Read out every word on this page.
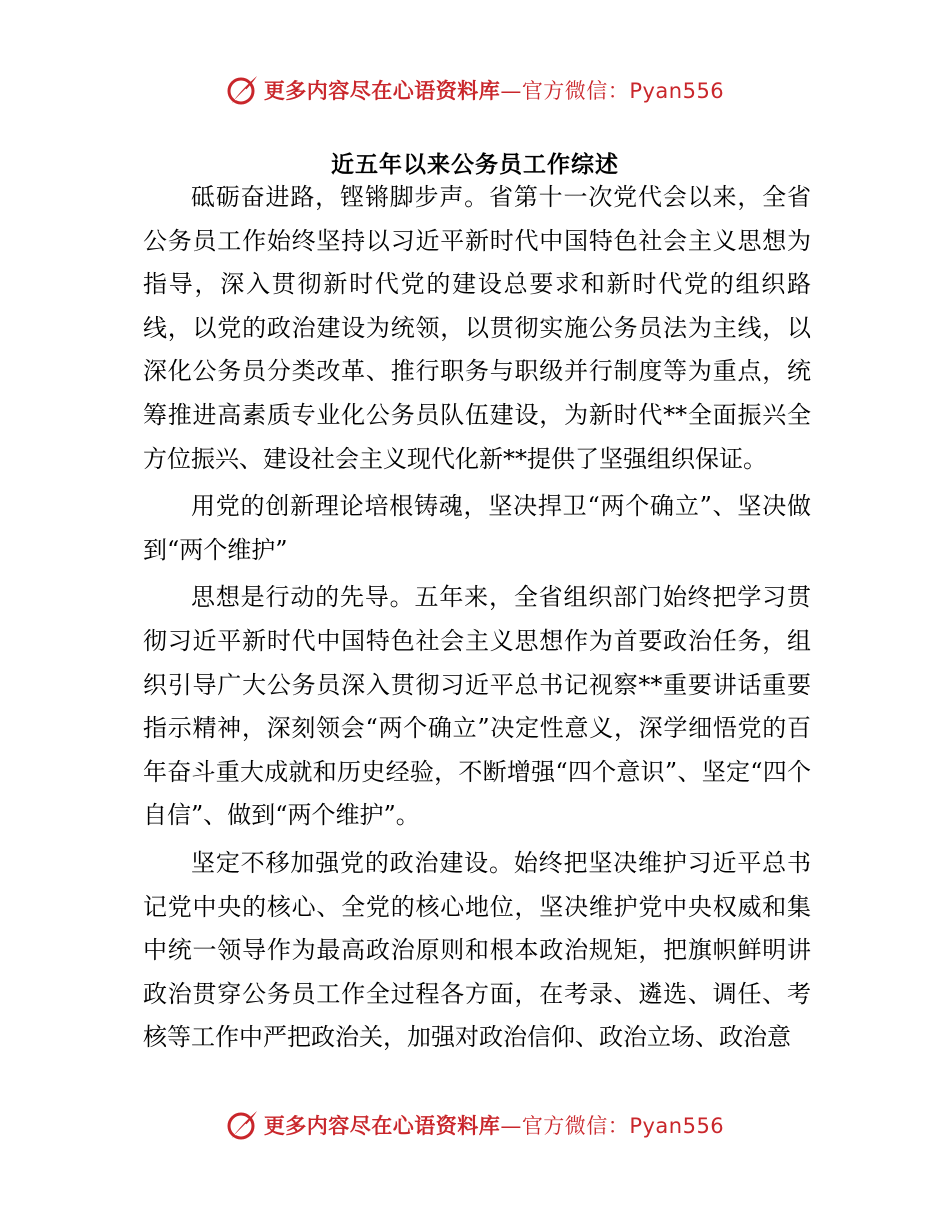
更多内容尽在心语资料库—官方微信：Pyan556
近五年以来公务员工作综述

砥砺奋进路，铿锵脚步声。省第十一次党代会以来，全省公务员工作始终坚持以习近平新时代中国特色社会主义思想为指导，深入贯彻新时代党的建设总要求和新时代党的组织路线，以党的政治建设为统领，以贯彻实施公务员法为主线，以深化公务员分类改革、推行职务与职级并行制度等为重点，统筹推进高素质专业化公务员队伍建设，为新时代**全面振兴全方位振兴、建设社会主义现代化新**提供了坚强组织保证。

用党的创新理论培根铸魂，坚决捍卫“两个确立”、坚决做到“两个维护”

思想是行动的先导。五年来，全省组织部门始终把学习贯彻习近平新时代中国特色社会主义思想作为首要政治任务，组织引导广大公务员深入贯彻习近平总书记视察**重要讲话重要指示精神，深刻领会“两个确立”决定性意义，深学细悟党的百年奋斗重大成就和历史经验，不断增强“四个意识”、坚定“四个自信”、做到“两个维护”。

坚定不移加强党的政治建设。始终把坚决维护习近平总书记党中央的核心、全党的核心地位，坚决维护党中央权威和集中统一领导作为最高政治原则和根本政治规矩，把旗帜鲜明讲政治贯穿公务员工作全过程各方面，在考录、遴选、调任、考核等工作中严把政治关，加强对政治信仰、政治立场、政治意

更多内容尽在心语资料库—官方微信：Pyan556
